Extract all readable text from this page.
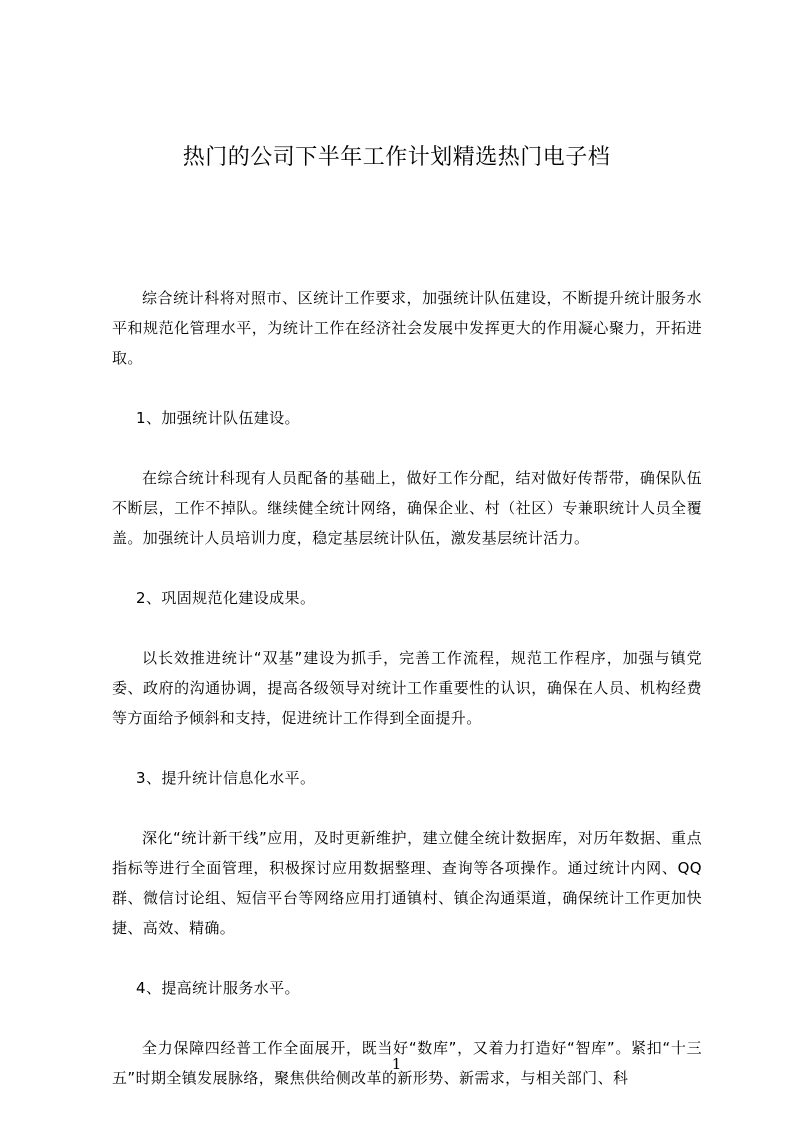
热门的公司下半年工作计划精选热门电子档

综合统计科将对照市、区统计工作要求，加强统计队伍建设，不断提升统计服务水平和规范化管理水平，为统计工作在经济社会发展中发挥更大的作用凝心聚力，开拓进取。

1、加强统计队伍建设。

在综合统计科现有人员配备的基础上，做好工作分配，结对做好传帮带，确保队伍不断层，工作不掉队。继续健全统计网络，确保企业、村（社区）专兼职统计人员全覆盖。加强统计人员培训力度，稳定基层统计队伍，激发基层统计活力。

2、巩固规范化建设成果。

以长效推进统计“双基”建设为抓手，完善工作流程，规范工作程序，加强与镇党委、政府的沟通协调，提高各级领导对统计工作重要性的认识，确保在人员、机构经费等方面给予倾斜和支持，促进统计工作得到全面提升。

3、提升统计信息化水平。

深化“统计新干线”应用，及时更新维护，建立健全统计数据库，对历年数据、重点指标等进行全面管理，积极探讨应用数据整理、查询等各项操作。通过统计内网、QQ群、微信讨论组、短信平台等网络应用打通镇村、镇企沟通渠道，确保统计工作更加快捷、高效、精确。

4、提高统计服务水平。

全力保障四经普工作全面展开，既当好“数库”，又着力打造好“智库”。紧扣“十三五”时期全镇发展脉络，聚焦供给侧改革的新形势、新需求，与相关部门、科

1
